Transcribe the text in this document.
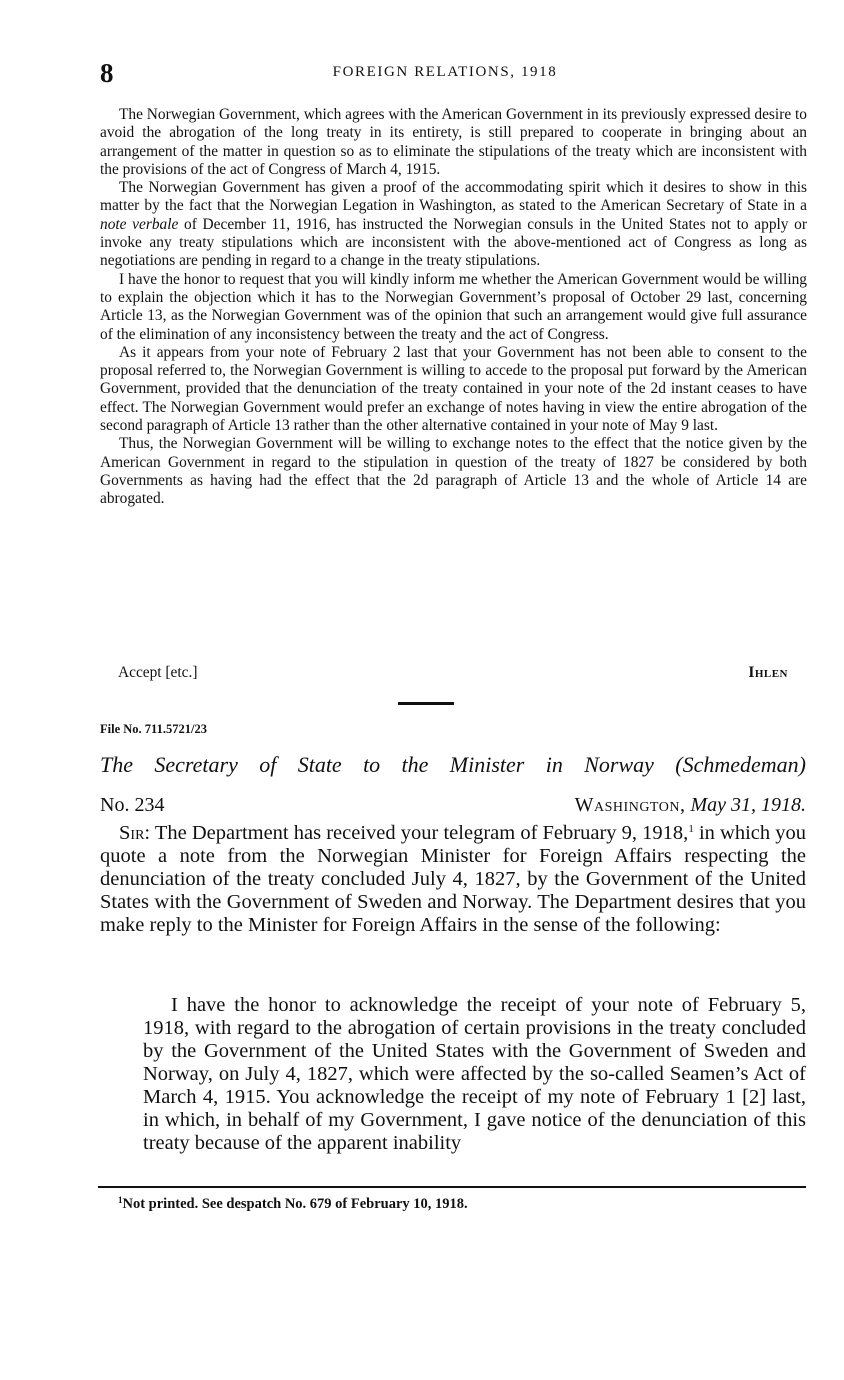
8	FOREIGN RELATIONS, 1918

The Norwegian Government, which agrees with the American Government in its previously expressed desire to avoid the abrogation of the long treaty in its entirety, is still prepared to cooperate in bringing about an arrangement of the matter in question so as to eliminate the stipulations of the treaty which are inconsistent with the provisions of the act of Congress of March 4, 1915.

The Norwegian Government has given a proof of the accommodating spirit which it desires to show in this matter by the fact that the Norwegian Legation in Washington, as stated to the American Secretary of State in a note verbale of December 11, 1916, has instructed the Norwegian consuls in the United States not to apply or invoke any treaty stipulations which are inconsistent with the above-mentioned act of Congress as long as negotiations are pending in regard to a change in the treaty stipulations.

I have the honor to request that you will kindly inform me whether the American Government would be willing to explain the objection which it has to the Norwegian Government’s proposal of October 29 last, concerning Article 13, as the Norwegian Government was of the opinion that such an arrangement would give full assurance of the elimination of any inconsistency between the treaty and the act of Congress.

As it appears from your note of February 2 last that your Government has not been able to consent to the proposal referred to, the Norwegian Government is willing to accede to the proposal put forward by the American Government, provided that the denunciation of the treaty contained in your note of the 2d instant ceases to have effect. The Norwegian Government would prefer an exchange of notes having in view the entire abrogation of the second paragraph of Article 13 rather than the other alternative contained in your note of May 9 last.

Thus, the Norwegian Government will be willing to exchange notes to the effect that the notice given by the American Government in regard to the stipulation in question of the treaty of 1827 be considered by both Governments as having had the effect that the 2d paragraph of Article 13 and the whole of Article 14 are abrogated.

Accept [etc.]	Ihlen
File No. 711.5721/23
The Secretary of State to the Minister in Norway (Schmedeman)
No. 234	Washington, May 31, 1918.

Sir: The Department has received your telegram of February 9, 1918,$^1$ in which you quote a note from the Norwegian Minister for Foreign Affairs respecting the denunciation of the treaty concluded July 4, 1827, by the Government of the United States with the Government of Sweden and Norway. The Department desires that you make reply to the Minister for Foreign Affairs in the sense of the following:

I have the honor to acknowledge the receipt of your note of February 5, 1918, with regard to the abrogation of certain provisions in the treaty concluded by the Government of the United States with the Government of Sweden and Norway, on July 4, 1827, which were affected by the so-called Seamen’s Act of March 4, 1915. You acknowledge the receipt of my note of February 1 [2] last, in which, in behalf of my Government, I gave notice of the denunciation of this treaty because of the apparent inability

$^1$Not printed. See despatch No. 679 of February 10, 1918.
